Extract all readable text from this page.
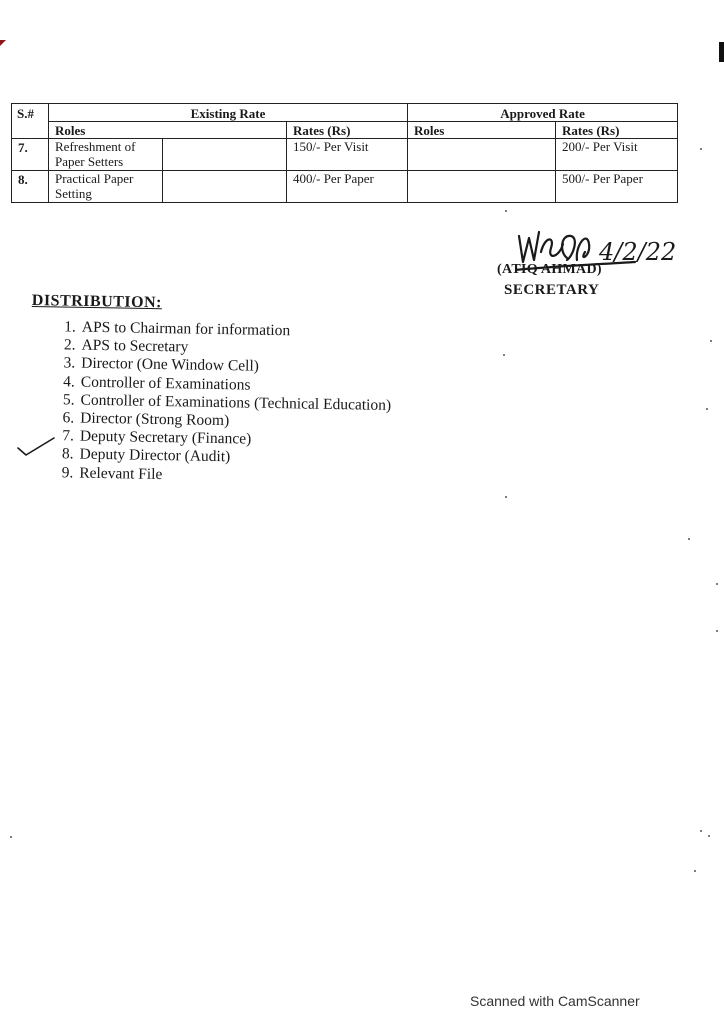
S.#	Existing Rate			Approved Rate	
	Roles		Rates (Rs)	Roles	Rates (Rs)
7.	Refreshment of Paper Setters		150/- Per Visit		200/- Per Visit
8.	Practical Paper Setting		400/- Per Paper		500/- Per Paper
4/2/22
(ATIQ AHMAD)
SECRETARY
DISTRIBUTION:
1. APS to Chairman for information
2. APS to Secretary
3. Director (One Window Cell)
4. Controller of Examinations
5. Controller of Examinations (Technical Education)
6. Director (Strong Room)
7. Deputy Secretary (Finance)
8. Deputy Director (Audit)
9. Relevant File
Scanned with CamScanner
